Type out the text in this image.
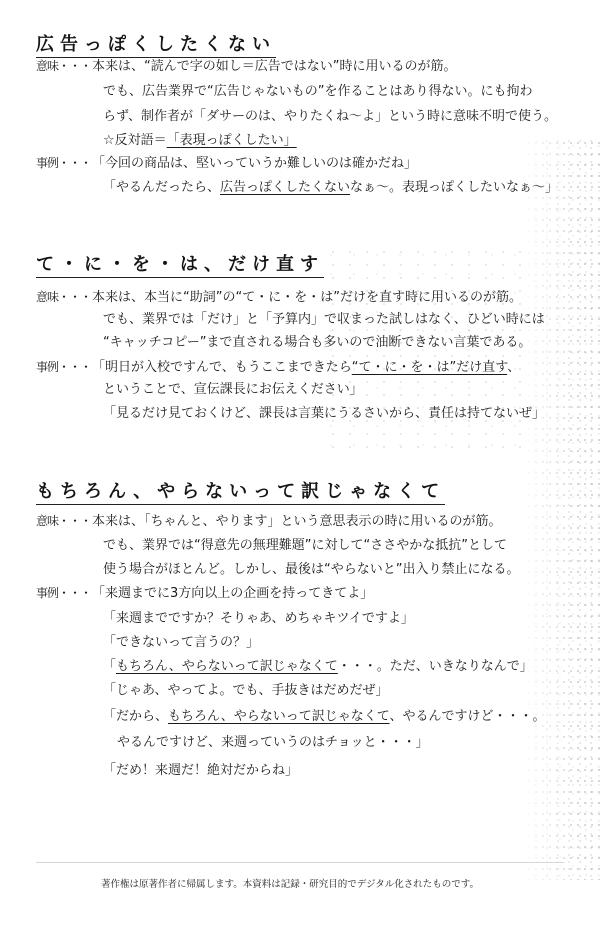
広告っぽくしたくない
意味・・・本来は、“読んで字の如し＝広告ではない”時に用いるのが筋。
でも、広告業界で“広告じゃないもの”を作ることはあり得ない。にも拘わ
らず、制作者が「ダサーのは、やりたくね～よ」という時に意味不明で使う。
☆反対語＝「表現っぽくしたい」
事例・・・「今回の商品は、堅いっていうか難しいのは確かだね」
「やるんだったら、広告っぽくしたくないなぁ～。表現っぽくしたいなぁ～」
て・に・を・は、だけ直す
意味・・・本来は、本当に“助詞”の“て・に・を・は”だけを直す時に用いるのが筋。
でも、業界では「だけ」と「予算内」で収まった試しはなく、ひどい時には
“キャッチコピー”まで直される場合も多いので油断できない言葉である。
事例・・・「明日が入校ですんで、もうここまできたら“て・に・を・は”だけ直す、
ということで、宣伝課長にお伝えください」
「見るだけ見ておくけど、課長は言葉にうるさいから、責任は持てないぜ」
もちろん、やらないって訳じゃなくて
意味・・・本来は、「ちゃんと、やります」という意思表示の時に用いるのが筋。
でも、業界では“得意先の無理難題”に対して“ささやかな抵抗”として
使う場合がほとんど。しかし、最後は“やらないと”出入り禁止になる。
事例・・・「来週までに3方向以上の企画を持ってきてよ」
「来週までですか？そりゃあ、めちゃキツイですよ」
「できないって言うの？」
「もちろん、やらないって訳じゃなくて・・・。ただ、いきなりなんで」
「じゃあ、やってよ。でも、手抜きはだめだぜ」
「だから、もちろん、やらないって訳じゃなくて、やるんですけど・・・。
やるんですけど、来週っていうのはチョッと・・・」
「だめ！来週だ！絶対だからね」
著作権は原著作者に帰属します。本資料は記録・研究目的でデジタル化されたものです。
